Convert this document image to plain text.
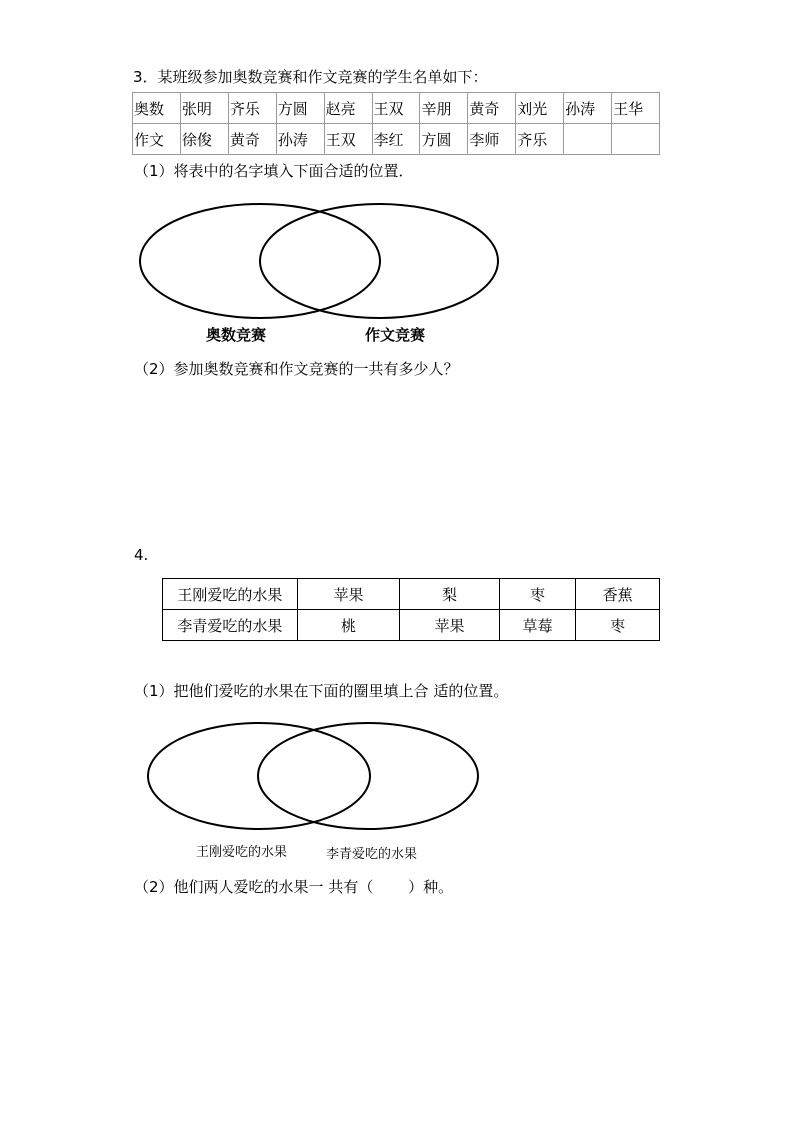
3．某班级参加奥数竞赛和作文竞赛的学生名单如下：
奥数	张明	齐乐	方圆	赵亮	王双	辛朋	黄奇	刘光	孙涛	王华
作文	徐俊	黄奇	孙涛	王双	李红	方圆	李师	齐乐		
（1）将表中的名字填入下面合适的位置．
奥数竞赛	作文竞赛
（2）参加奥数竞赛和作文竞赛的一共有多少人？
4.
王刚爱吃的水果	苹果	梨	枣	香蕉
李青爱吃的水果	桃	苹果	草莓	枣
（1）把他们爱吃的水果在下面的圈里填上合 适的位置。
王刚爱吃的水果	李青爱吃的水果
（2）他们两人爱吃的水果一 共有（　　 ）种。
